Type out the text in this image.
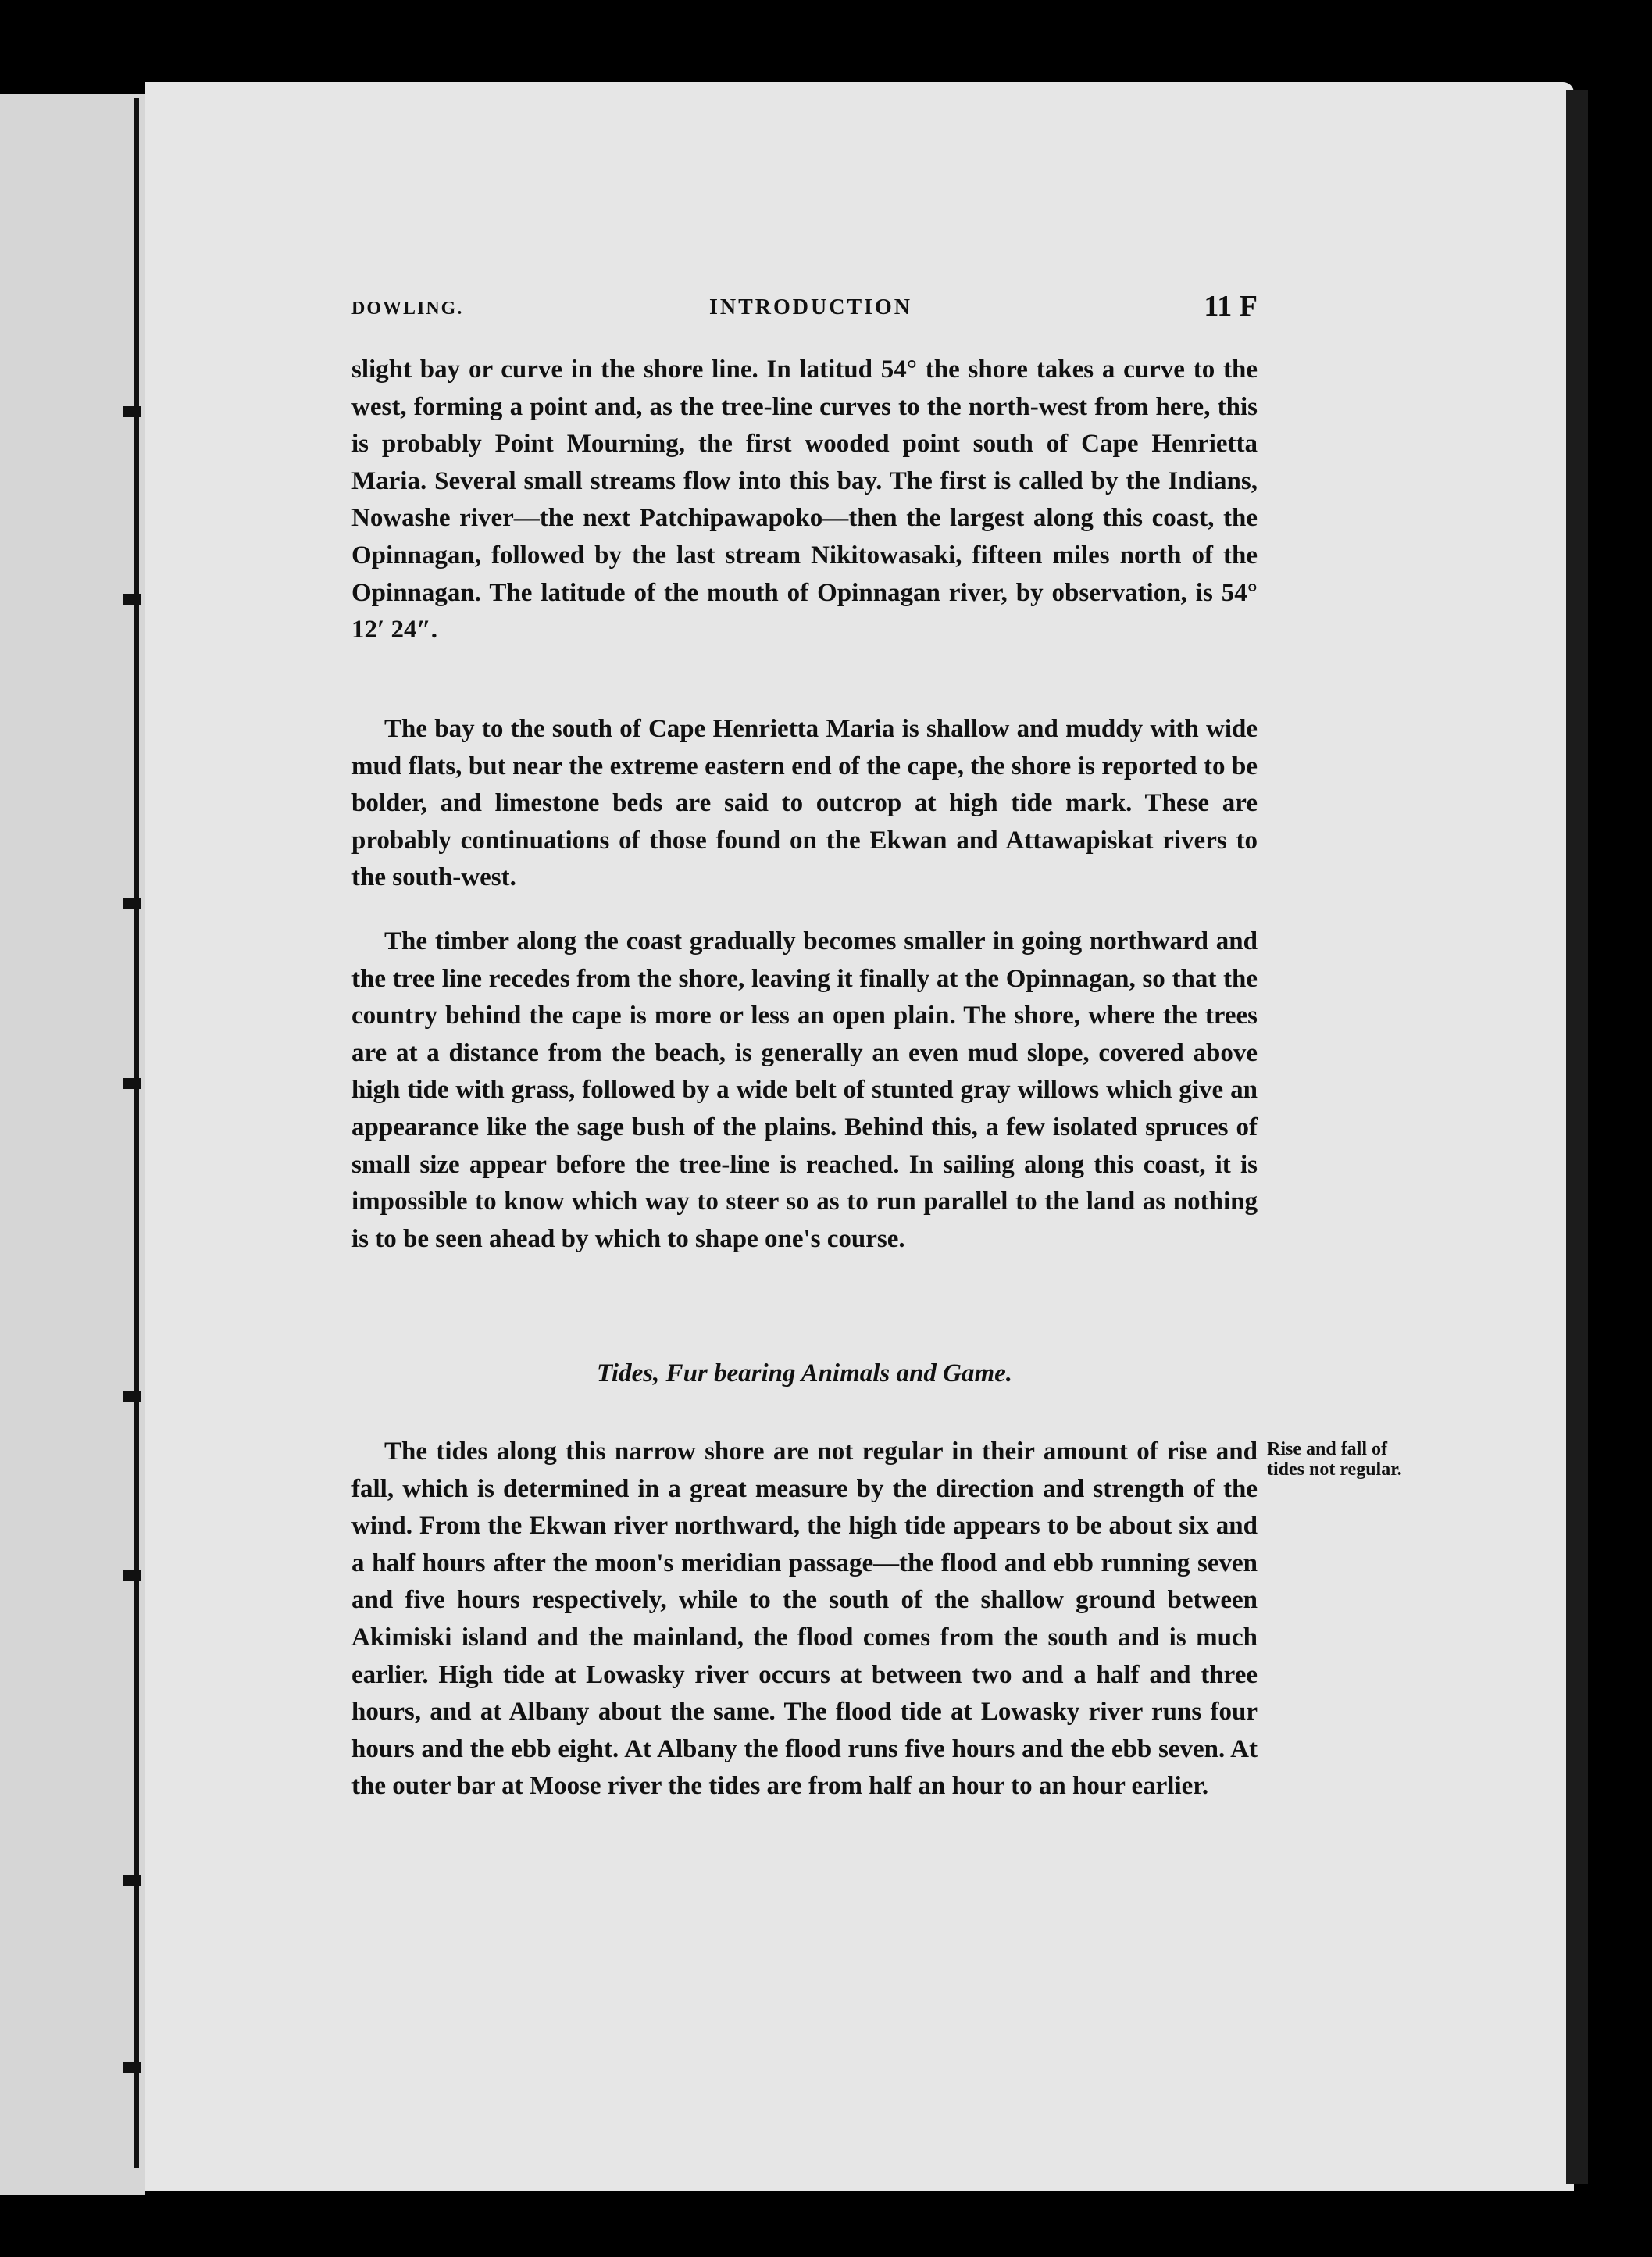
DOWLING.	INTRODUCTION	11 F

slight bay or curve in the shore line. In latitud 54° the shore takes a curve to the west, forming a point and, as the tree-line curves to the north-west from here, this is probably Point Mourning, the first wooded point south of Cape Henrietta Maria. Several small streams flow into this bay. The first is called by the Indians, Nowashe river—the next Patchipawapoko—then the largest along this coast, the Opinnagan, followed by the last stream Nikitowasaki, fifteen miles north of the Opinnagan. The latitude of the mouth of Opinnagan river, by observation, is 54° 12′ 24″.

The bay to the south of Cape Henrietta Maria is shallow and muddy with wide mud flats, but near the extreme eastern end of the cape, the shore is reported to be bolder, and limestone beds are said to outcrop at high tide mark. These are probably continuations of those found on the Ekwan and Attawapiskat rivers to the south-west.

The timber along the coast gradually becomes smaller in going northward and the tree line recedes from the shore, leaving it finally at the Opinnagan, so that the country behind the cape is more or less an open plain. The shore, where the trees are at a distance from the beach, is generally an even mud slope, covered above high tide with grass, followed by a wide belt of stunted gray willows which give an appearance like the sage bush of the plains. Behind this, a few isolated spruces of small size appear before the tree-line is reached. In sailing along this coast, it is impossible to know which way to steer so as to run parallel to the land as nothing is to be seen ahead by which to shape one's course.

Tides, Fur bearing Animals and Game.

The tides along this narrow shore are not regular in their amount of rise and fall, which is determined in a great measure by the direction and strength of the wind. From the Ekwan river northward, the high tide appears to be about six and a half hours after the moon's meridian passage—the flood and ebb running seven and five hours respectively, while to the south of the shallow ground between Akimiski island and the mainland, the flood comes from the south and is much earlier. High tide at Lowasky river occurs at between two and a half and three hours, and at Albany about the same. The flood tide at Lowasky river runs four hours and the ebb eight. At Albany the flood runs five hours and the ebb seven. At the outer bar at Moose river the tides are from half an hour to an hour earlier.

Rise and fall of tides not regular.
